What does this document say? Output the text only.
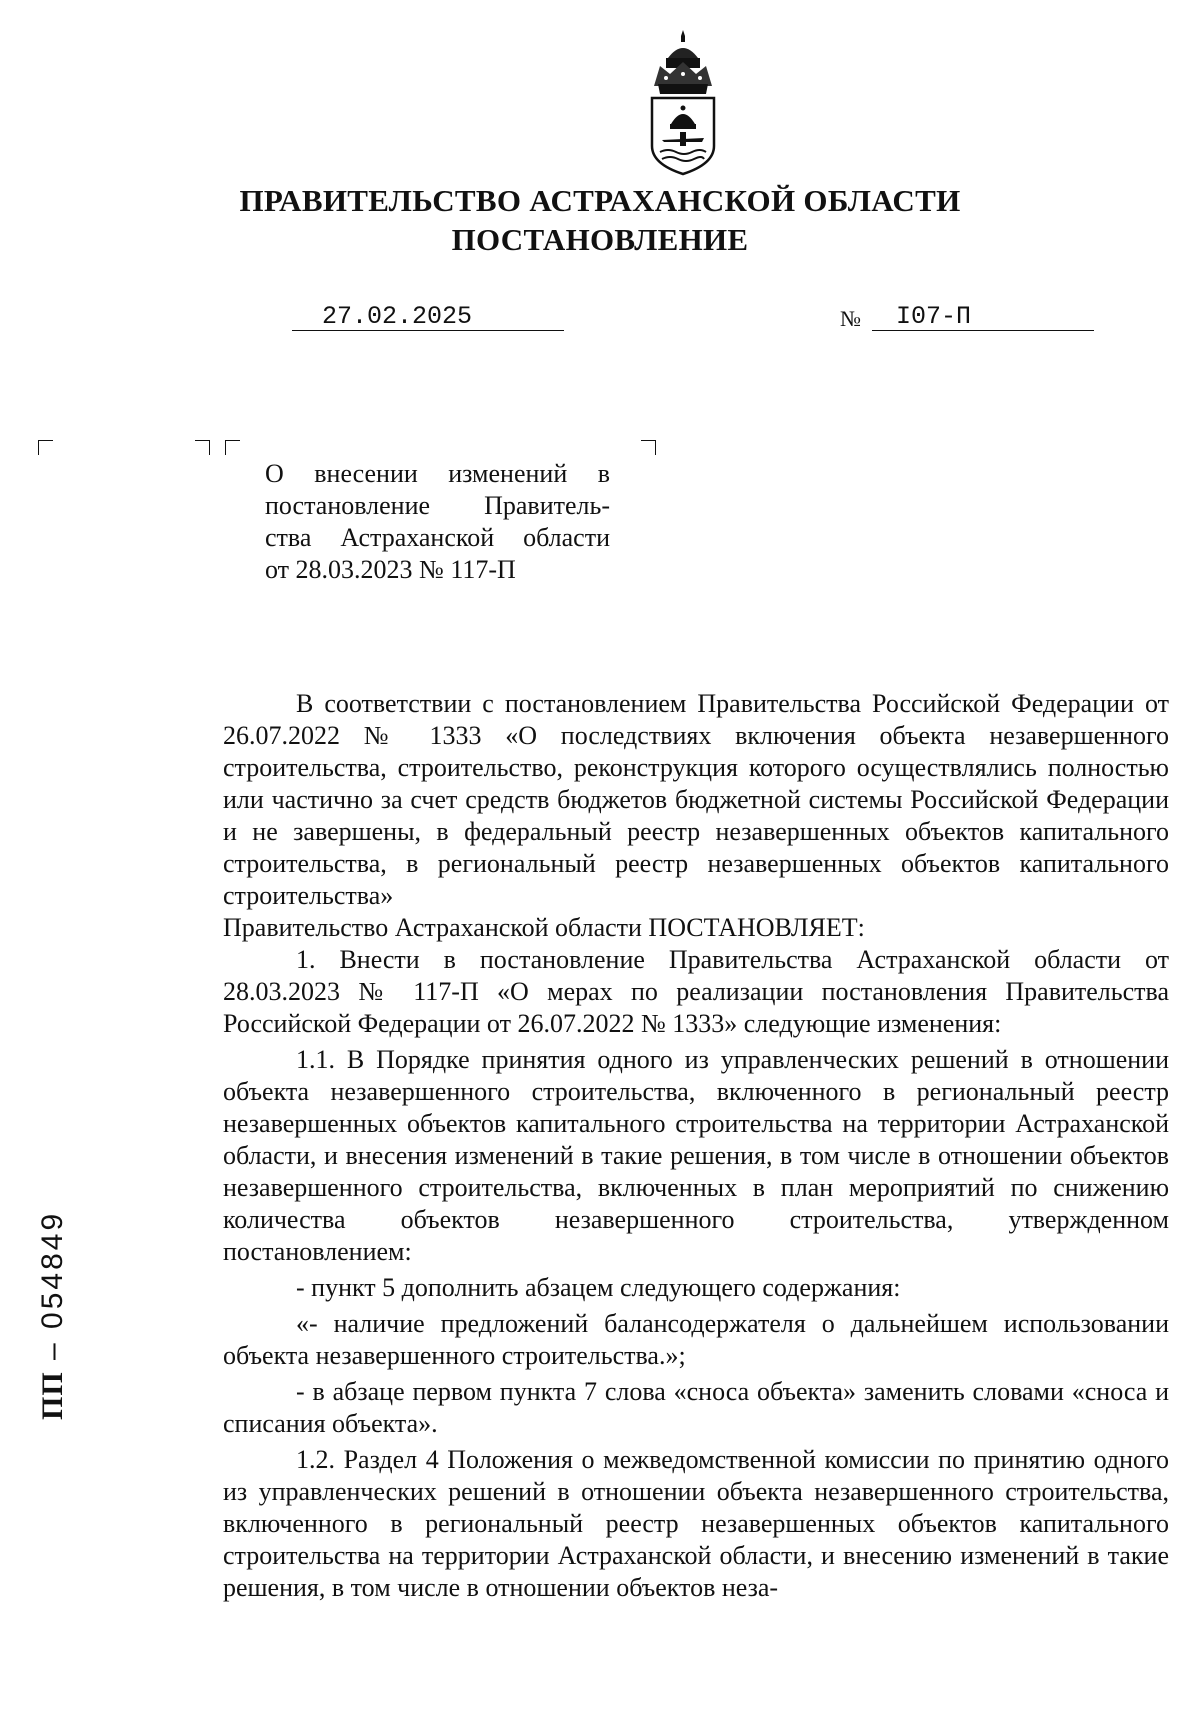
ПРАВИТЕЛЬСТВО АСТРАХАНСКОЙ ОБЛАСТИ
ПОСТАНОВЛЕНИЕ
27.02.2025	№ I07-П
О внесении изменений в
постановление Правитель-
ства Астраханской области
от 28.03.2023 № 117-П

В соответствии с постановлением Правительства Российской Федерации от 26.07.2022 № 1333 «О последствиях включения объекта незавершенного строительства, строительство, реконструкция которого осуществлялись полностью или частично за счет средств бюджетов бюджетной системы Российской Федерации и не завершены, в федеральный реестр незавершенных объектов капитального строительства, в региональный реестр незавершенных объектов капитального строительства»

Правительство Астраханской области ПОСТАНОВЛЯЕТ:

1. Внести в постановление Правительства Астраханской области от 28.03.2023 № 117-П «О мерах по реализации постановления Правительства Российской Федерации от 26.07.2022 № 1333» следующие изменения:

1.1. В Порядке принятия одного из управленческих решений в отношении объекта незавершенного строительства, включенного в региональный реестр незавершенных объектов капитального строительства на территории Астраханской области, и внесения изменений в такие решения, в том числе в отношении объектов незавершенного строительства, включенных в план мероприятий по снижению количества объектов незавершенного строительства, утвержденном постановлением:

- пункт 5 дополнить абзацем следующего содержания:

«- наличие предложений балансодержателя о дальнейшем использовании объекта незавершенного строительства.»;

- в абзаце первом пункта 7 слова «сноса объекта» заменить словами «сноса и списания объекта».

1.2. Раздел 4 Положения о межведомственной комиссии по принятию одного из управленческих решений в отношении объекта незавершенного строительства, включенного в региональный реестр незавершенных объектов капитального строительства на территории Астраханской области, и внесению изменений в такие решения, в том числе в отношении объектов неза-

ПП – 054849
